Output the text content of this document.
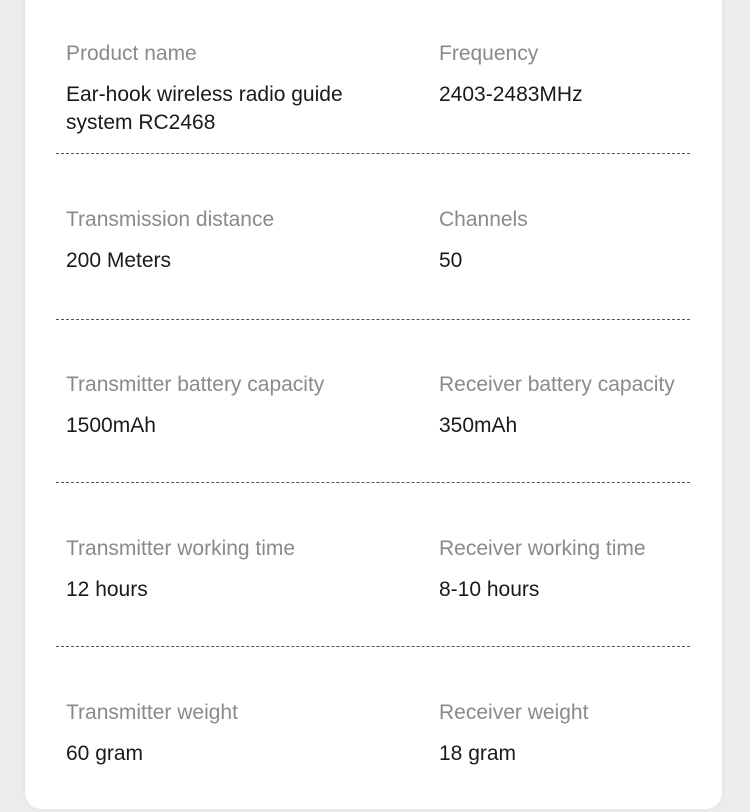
Product name
Ear-hook wireless radio guide system RC2468
Frequency
2403-2483MHz
Transmission distance
200 Meters
Channels
50
Transmitter battery capacity
1500mAh
Receiver battery capacity
350mAh
Transmitter working time
12 hours
Receiver working time
8-10 hours
Transmitter weight
60 gram
Receiver weight
18 gram
